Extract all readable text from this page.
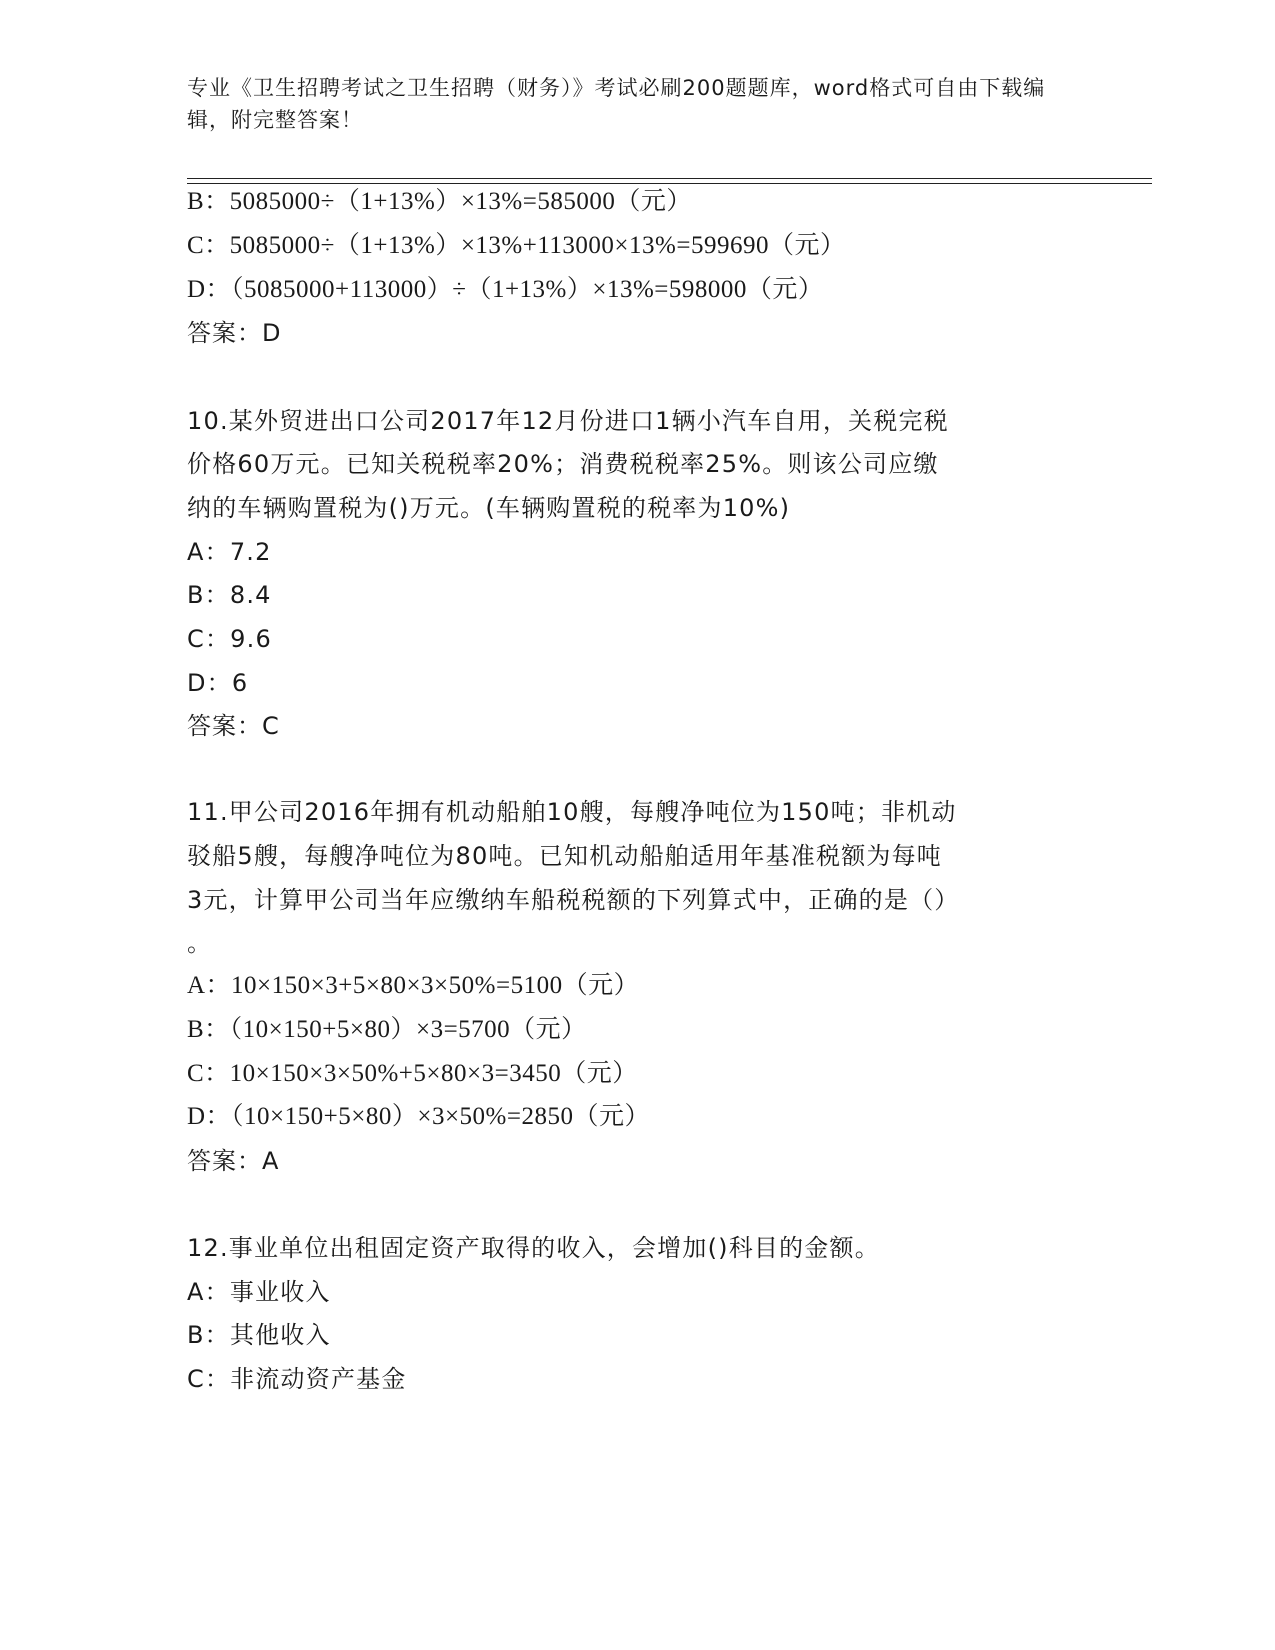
专业《卫生招聘考试之卫生招聘（财务）》考试必刷200题题库，word格式可自由下载编辑，附完整答案！
B：5085000÷（1+13%）×13%=585000（元）
C：5085000÷（1+13%）×13%+113000×13%=599690（元）
D：（5085000+113000）÷（1+13%）×13%=598000（元）
答案：D
10.某外贸进出口公司2017年12月份进口1辆小汽车自用，关税完税
价格60万元。已知关税税率20%；消费税税率25%。则该公司应缴
纳的车辆购置税为()万元。(车辆购置税的税率为10%)
A：7.2
B：8.4
C：9.6
D：6
答案：C
11.甲公司2016年拥有机动船舶10艘，每艘净吨位为150吨；非机动
驳船5艘，每艘净吨位为80吨。已知机动船舶适用年基准税额为每吨
3元，计算甲公司当年应缴纳车船税税额的下列算式中，正确的是（）
。
A：10×150×3+5×80×3×50%=5100（元）
B：（10×150+5×80）×3=5700（元）
C：10×150×3×50%+5×80×3=3450（元）
D：（10×150+5×80）×3×50%=2850（元）
答案：A
12.事业单位出租固定资产取得的收入，会增加()科目的金额。
A：事业收入
B：其他收入
C：非流动资产基金
